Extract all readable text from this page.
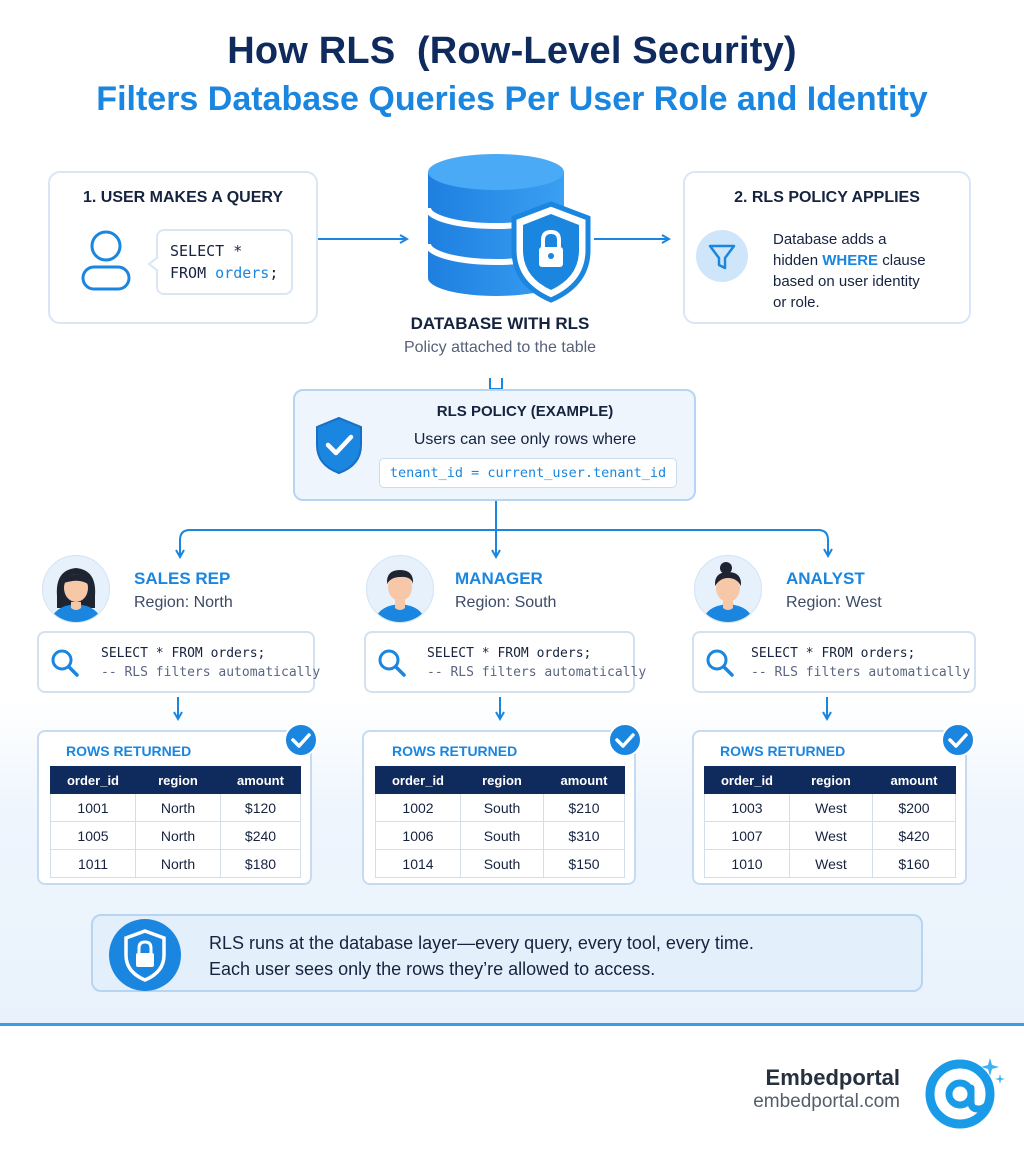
How RLS  (Row-Level Security)
Filters Database Queries Per User Role and Identity
1. USER MAKES A QUERY
SELECT *
FROM orders;
DATABASE WITH RLS
Policy attached to the table
2. RLS POLICY APPLIES
Database adds a
hidden WHERE clause
based on user identity
or role.
RLS POLICY (EXAMPLE)
Users can see only rows where
tenant_id = current_user.tenant_id
SALES REP
Region: North
SELECT * FROM orders;
-- RLS filters automatically
ROWS RETURNED
order_id	region	amount
1001	North	$120
1005	North	$240
1011	North	$180
MANAGER
Region: South
SELECT * FROM orders;
-- RLS filters automatically
ROWS RETURNED
order_id	region	amount
1002	South	$210
1006	South	$310
1014	South	$150
ANALYST
Region: West
SELECT * FROM orders;
-- RLS filters automatically
ROWS RETURNED
order_id	region	amount
1003	West	$200
1007	West	$420
1010	West	$160
RLS runs at the database layer—every query, every tool, every time.
Each user sees only the rows they’re allowed to access.
Embedportal
embedportal.com
